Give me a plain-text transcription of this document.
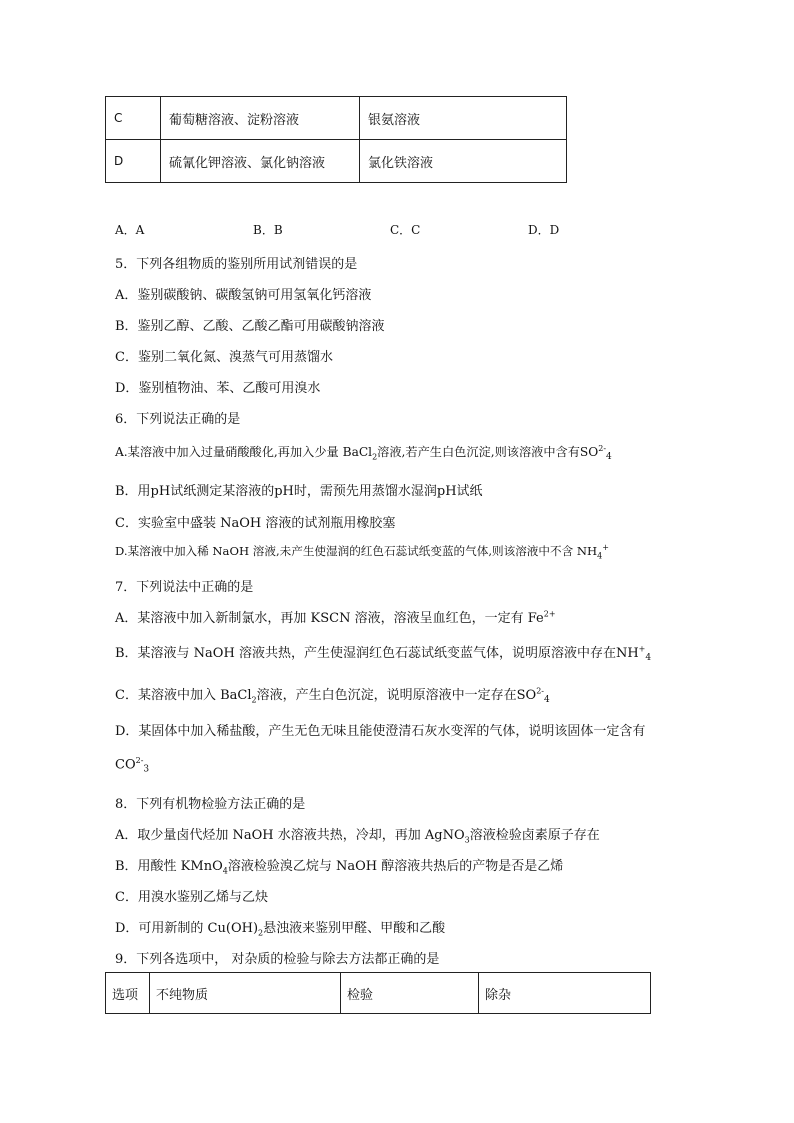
C	葡萄糖溶液、淀粉溶液	银氨溶液
D	硫氰化钾溶液、氯化钠溶液	氯化铁溶液
A．A	B．B	C．C	D．D
5．下列各组物质的鉴别所用试剂错误的是
A．鉴别碳酸钠、碳酸氢钠可用氢氧化钙溶液
B．鉴别乙醇、乙酸、乙酸乙酯可用碳酸钠溶液
C．鉴别二氧化氮、溴蒸气可用蒸馏水
D．鉴别植物油、苯、乙酸可用溴水
6．下列说法正确的是
A.某溶液中加入过量硝酸酸化,再加入少量 BaCl$_2$溶液,若产生白色沉淀,则该溶液中含有$SO^{2-}_4$
B．用pH试纸测定某溶液的pH时，需预先用蒸馏水湿润pH试纸
C．实验室中盛装 NaOH 溶液的试剂瓶用橡胶塞
D.某溶液中加入稀 NaOH 溶液,未产生使湿润的红色石蕊试纸变蓝的气体,则该溶液中不含 $NH_4^+$
7．下列说法中正确的是
A．某溶液中加入新制氯水，再加 KSCN 溶液，溶液呈血红色，一定有 $Fe^{2+}$
B．某溶液与 NaOH 溶液共热，产生使湿润红色石蕊试纸变蓝气体，说明原溶液中存在$NH^+_4$
C．某溶液中加入 BaCl$_2$溶液，产生白色沉淀，说明原溶液中一定存在$SO^{2-}_4$
D．某固体中加入稀盐酸，产生无色无味且能使澄清石灰水变浑的气体，说明该固体一定含有
$CO^{2-}_3$
8．下列有机物检验方法正确的是
A．取少量卤代烃加 NaOH 水溶液共热，冷却，再加 AgNO$_3$溶液检验卤素原子存在
B．用酸性 KMnO$_4$溶液检验溴乙烷与 NaOH 醇溶液共热后的产物是否是乙烯
C．用溴水鉴别乙烯与乙炔
D．可用新制的 $Cu(OH)_2$悬浊液来鉴别甲醛、甲酸和乙酸
9．下列各选项中， 对杂质的检验与除去方法都正确的是
选项	不纯物质	检验	除杂
